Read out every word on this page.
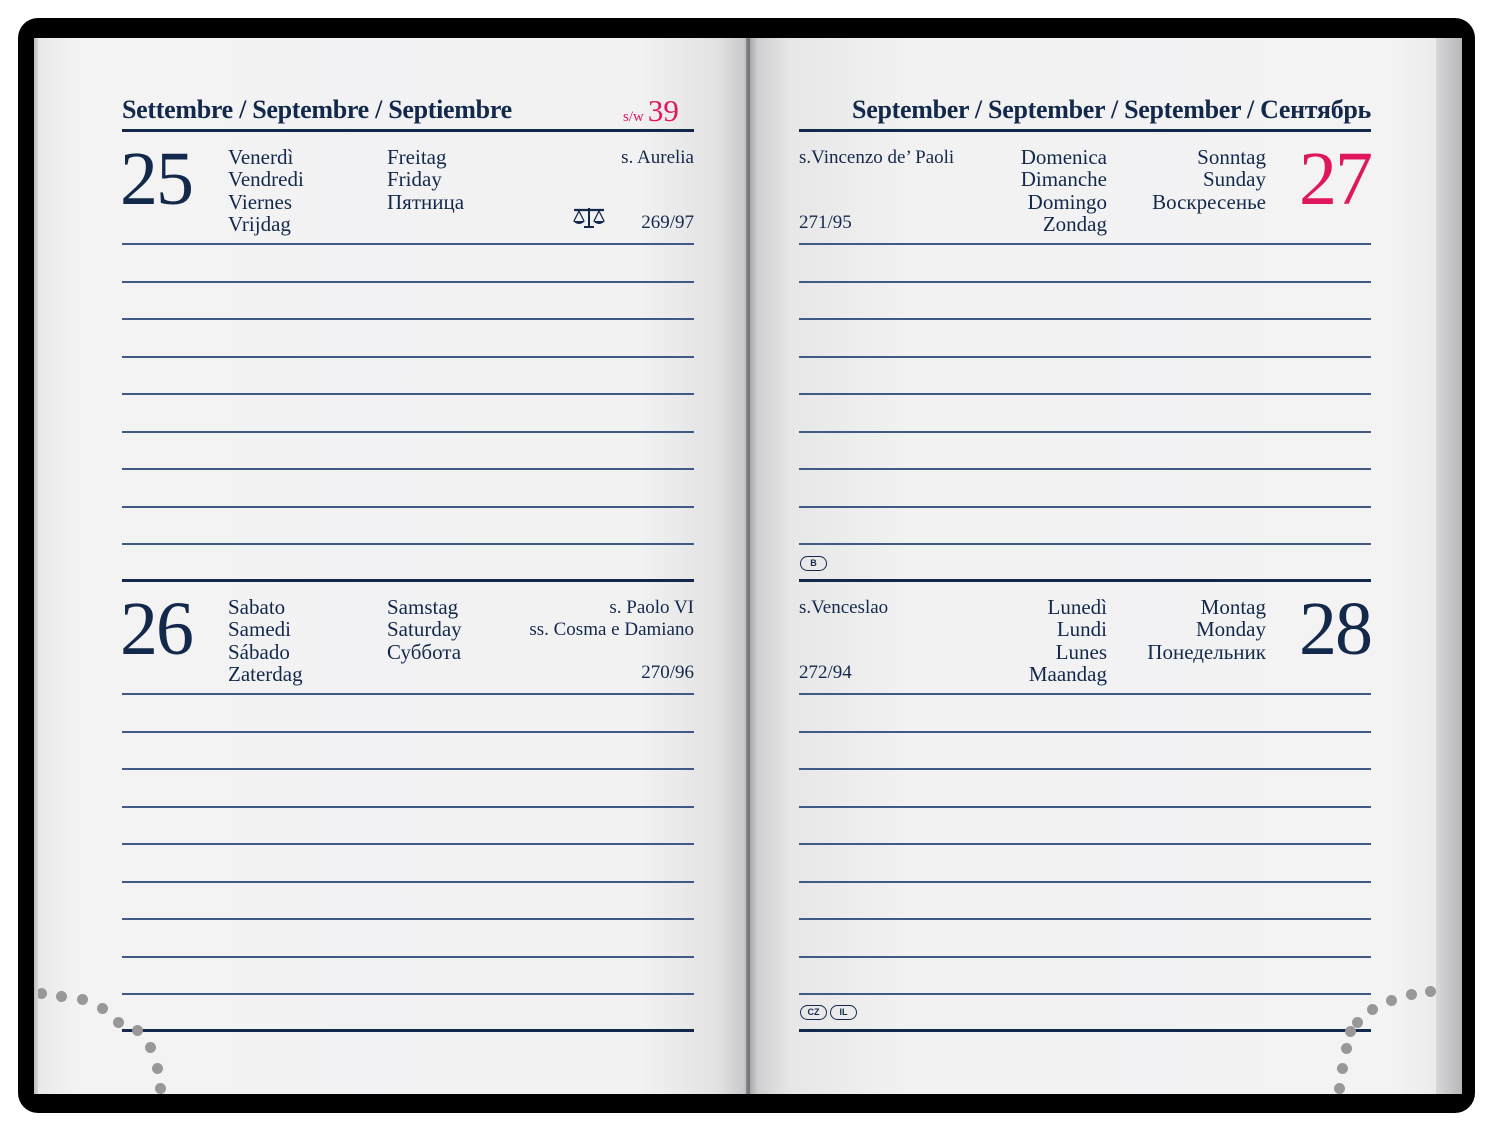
Settembre / Septembre / Septiembre	s/w 39
25 Venerdì
Vendredi
Viernes
Vrijdag
Freitag
Friday
Пятница
s. Aurelia
269/97
26 Sabato
Samedi
Sábado
Zaterdag
Samstag
Saturday
Суббота
s. Paolo VI
ss. Cosma e Damiano
270/96
September / September / September / Сентябрь
s.Vincenzo de’ Paoli
271/95
Domenica
Dimanche
Domingo
Zondag
Sonntag
Sunday
Воскресенье 27
B
s.Venceslao
272/94
Lunedì
Lundi
Lunes
Maandag
Montag
Monday
Понедельник 28
CZ	IL
